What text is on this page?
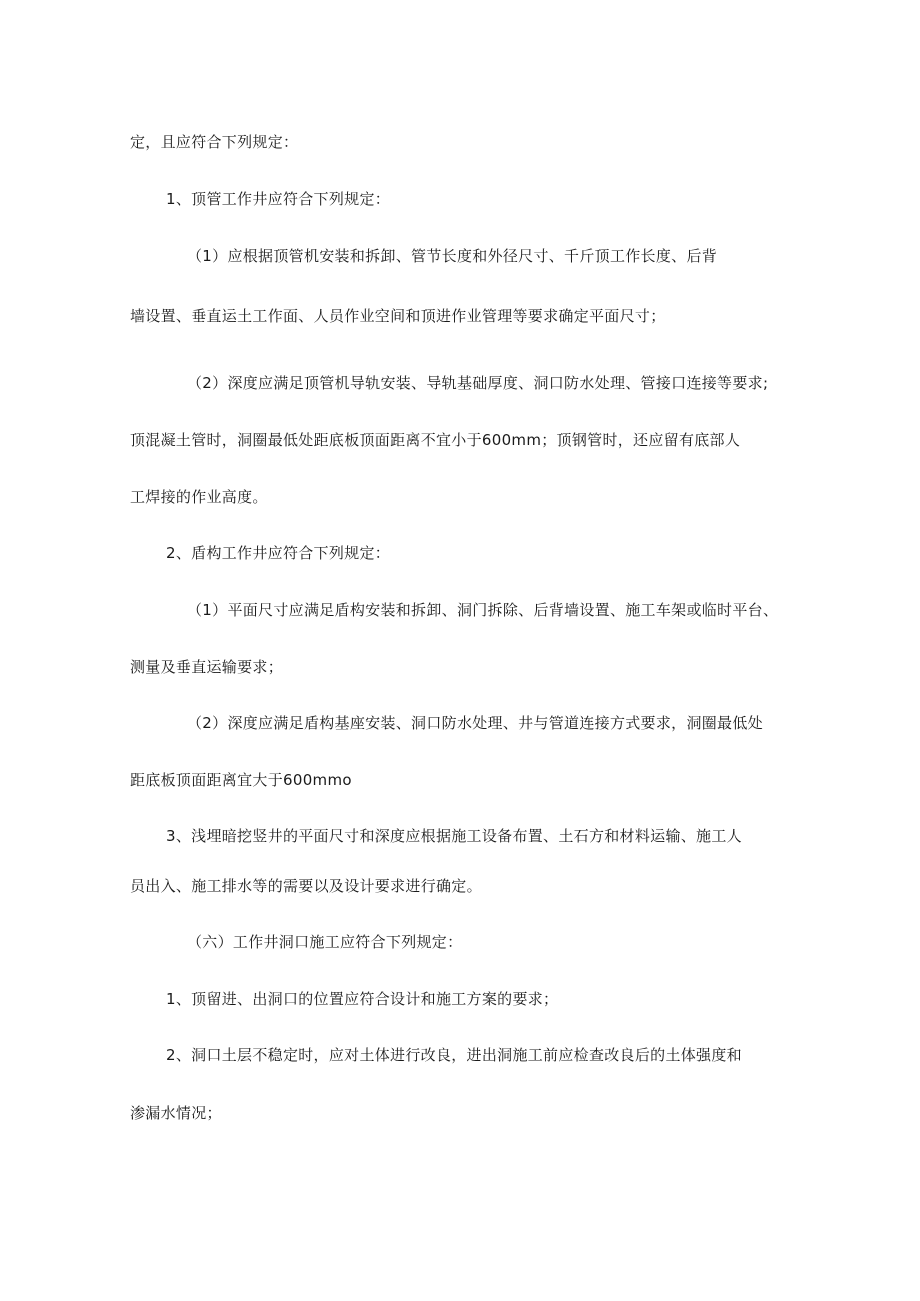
定，且应符合下列规定：
1、顶管工作井应符合下列规定：
（1）应根据顶管机安装和拆卸、管节长度和外径尺寸、千斤顶工作长度、后背
墙设置、垂直运土工作面、人员作业空间和顶进作业管理等要求确定平面尺寸；
（2）深度应满足顶管机导轨安装、导轨基础厚度、洞口防水处理、管接口连接等要求;
顶混凝土管时，洞圈最低处距底板顶面距离不宜小于600mm；顶钢管时，还应留有底部人
工焊接的作业高度。
2、盾构工作井应符合下列规定：
（1）平面尺寸应满足盾构安装和拆卸、洞门拆除、后背墙设置、施工车架或临时平台、
测量及垂直运输要求；
（2）深度应满足盾构基座安装、洞口防水处理、井与管道连接方式要求，洞圈最低处
距底板顶面距离宜大于600mmo
3、浅埋暗挖竖井的平面尺寸和深度应根据施工设备布置、土石方和材料运输、施工人
员出入、施工排水等的需要以及设计要求进行确定。
（六）工作井洞口施工应符合下列规定：
1、顶留进、出洞口的位置应符合设计和施工方案的要求；
2、洞口土层不稳定时，应对土体进行改良，进出洞施工前应检查改良后的土体强度和
渗漏水情况；
